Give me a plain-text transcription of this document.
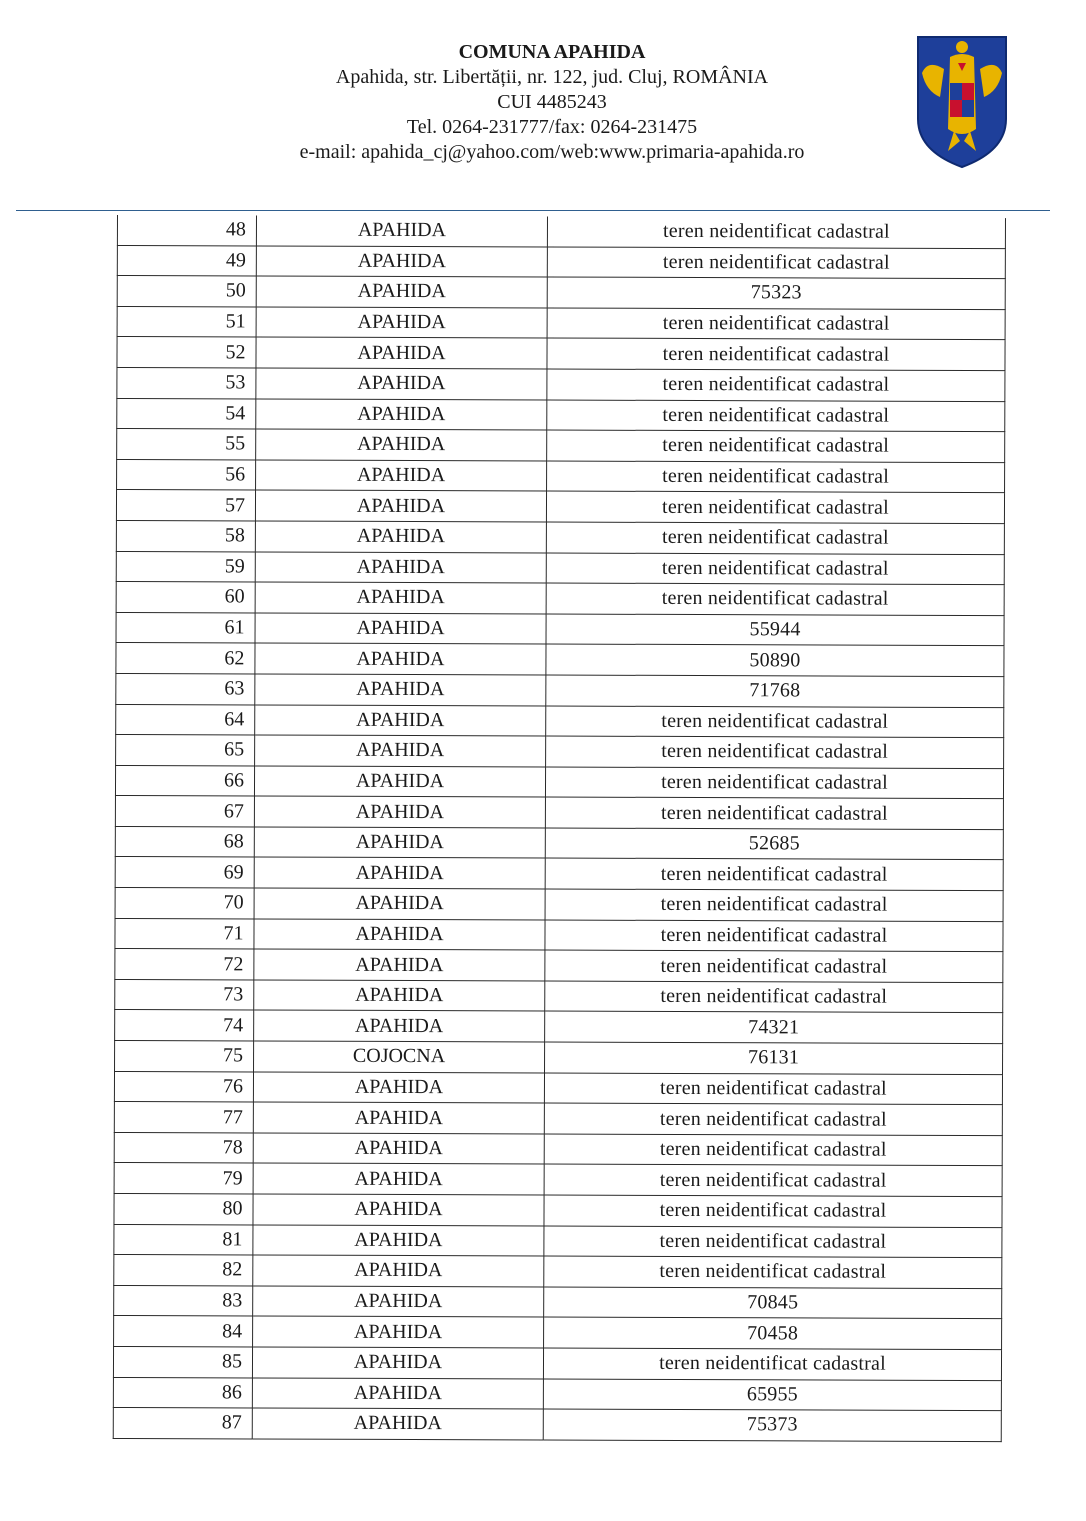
COMUNA APAHIDA
Apahida, str. Libertății, nr. 122, jud. Cluj, ROMÂNIA
CUI 4485243
Tel. 0264-231777/fax: 0264-231475
e-mail: apahida_cj@yahoo.com/web:www.primaria-apahida.ro
48	APAHIDA	teren neidentificat cadastral
49	APAHIDA	teren neidentificat cadastral
50	APAHIDA	75323
51	APAHIDA	teren neidentificat cadastral
52	APAHIDA	teren neidentificat cadastral
53	APAHIDA	teren neidentificat cadastral
54	APAHIDA	teren neidentificat cadastral
55	APAHIDA	teren neidentificat cadastral
56	APAHIDA	teren neidentificat cadastral
57	APAHIDA	teren neidentificat cadastral
58	APAHIDA	teren neidentificat cadastral
59	APAHIDA	teren neidentificat cadastral
60	APAHIDA	teren neidentificat cadastral
61	APAHIDA	55944
62	APAHIDA	50890
63	APAHIDA	71768
64	APAHIDA	teren neidentificat cadastral
65	APAHIDA	teren neidentificat cadastral
66	APAHIDA	teren neidentificat cadastral
67	APAHIDA	teren neidentificat cadastral
68	APAHIDA	52685
69	APAHIDA	teren neidentificat cadastral
70	APAHIDA	teren neidentificat cadastral
71	APAHIDA	teren neidentificat cadastral
72	APAHIDA	teren neidentificat cadastral
73	APAHIDA	teren neidentificat cadastral
74	APAHIDA	74321
75	COJOCNA	76131
76	APAHIDA	teren neidentificat cadastral
77	APAHIDA	teren neidentificat cadastral
78	APAHIDA	teren neidentificat cadastral
79	APAHIDA	teren neidentificat cadastral
80	APAHIDA	teren neidentificat cadastral
81	APAHIDA	teren neidentificat cadastral
82	APAHIDA	teren neidentificat cadastral
83	APAHIDA	70845
84	APAHIDA	70458
85	APAHIDA	teren neidentificat cadastral
86	APAHIDA	65955
87	APAHIDA	75373
